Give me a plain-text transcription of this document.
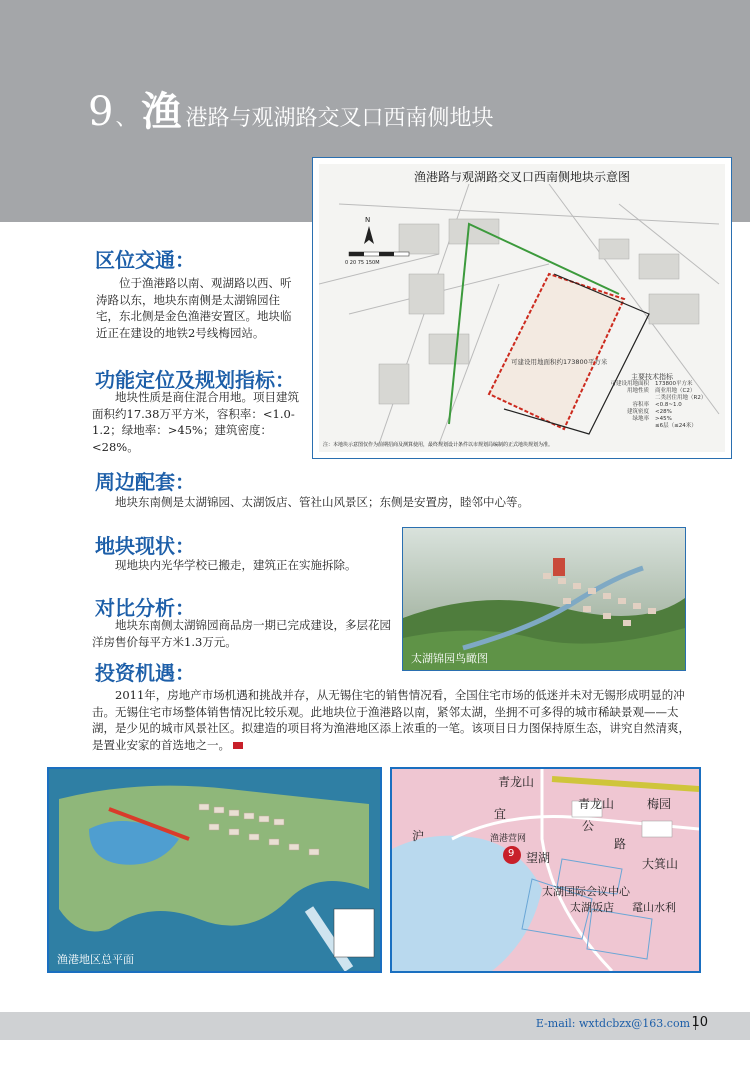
9 、 渔 港路与观湖路交叉口西南侧地块
渔港路与观湖路交叉口西南侧地块示意图
N
0 20 75 150M
可建设用地面积约173800平方米
主要技术指标
可建设用地面积 173800平方米
用地性质 商业用地（C2）
二类居住用地（R2）
容积率 <0.8~1.0
建筑密度 <28%
绿地率 >45%
≤6层（≤24米）
注：本地块示意图仅作为前期招商及测算使用，最终规划设计条件以市规划局编制的正式地块规划为准。
区位交通：
位于渔港路以南、观湖路以西、听涛路以东，地块东南侧是太湖锦园住宅，东北侧是金色渔港安置区。地块临近正在建设的地铁2号线梅园站。
功能定位及规划指标：
地块性质是商住混合用地。项目建筑面积约17.38万平方米，容积率：<1.0-1.2；绿地率：>45%；建筑密度：<28%。
周边配套：
地块东南侧是太湖锦园、太湖饭店、管社山风景区；东侧是安置房，睦邻中心等。
地块现状：
现地块内光华学校已搬走，建筑正在实施拆除。
太湖锦园鸟瞰图
对比分析：
地块东南侧太湖锦园商品房一期已完成建设，多层花园洋房售价每平方米1.3万元。
投资机遇：
2011年，房地产市场机遇和挑战并存，从无锡住宅的销售情况看，全国住宅市场的低迷并未对无锡形成明显的冲击。无锡住宅市场整体销售情况比较乐观。此地块位于渔港路以南，紧邻太湖，坐拥不可多得的城市稀缺景观——太湖，是少见的城市风景社区。拟建造的项目将为渔港地区添上浓重的一笔。该项目日力图保持原生态，讲究自然清爽，是置业安家的首选地之一。
渔港地区总平面
9
青龙山
青龙山	梅园
公
路
渔港营网
望湖	大箕山
太湖国际会议中心
太湖饭店 鼋山水利
沪
宜
E-mail: wxtdcbzx@163.com 10
